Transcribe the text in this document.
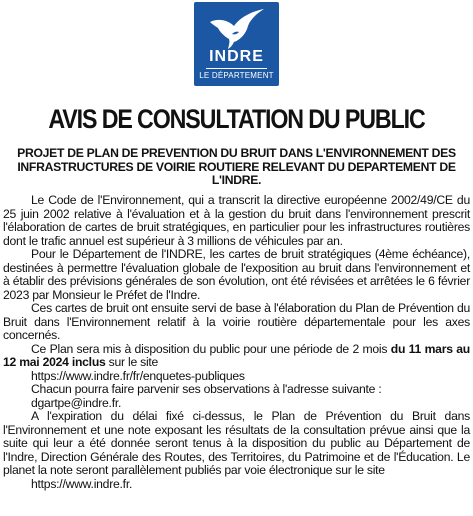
INDRE
LE DÉPARTEMENT
AVIS DE CONSULTATION DU PUBLIC
PROJET DE PLAN DE PREVENTION DU BRUIT DANS L'ENVIRONNEMENT DES INFRASTRUCTURES DE VOIRIE ROUTIERE RELEVANT DU DEPARTEMENT DE L'INDRE.

Le Code de l'Environnement, qui a transcrit la directive européenne 2002/49/CE du 25 juin 2002 relative à l'évaluation et à la gestion du bruit dans l'environnement prescrit l'élaboration de cartes de bruit stratégiques, en particulier pour les infrastructures routières dont le trafic annuel est supérieur à 3 millions de véhicules par an.

Pour le Département de l'INDRE, les cartes de bruit stratégiques (4ème échéance), destinées à permettre l'évaluation globale de l'exposition au bruit dans l'environnement et à établir des prévisions générales de son évolution, ont été révisées et arrêtées le 6 février 2023 par Monsieur le Préfet de l'Indre.

Ces cartes de bruit ont ensuite servi de base à l'élaboration du Plan de Prévention du Bruit dans l'Environnement relatif à la voirie routière départementale pour les axes concernés.

Ce Plan sera mis à disposition du public pour une période de 2 mois du 11 mars au 12 mai 2024 inclus sur le site

https://www.indre.fr/fr/enquetes-publiques

Chacun pourra faire parvenir ses observations à l'adresse suivante :

dgartpe@indre.fr.

A l'expiration du délai fixé ci-dessus, le Plan de Prévention du Bruit dans l'Environnement et une note exposant les résultats de la consultation prévue ainsi que la suite qui leur a été donnée seront tenus à la disposition du public au Département de l'Indre, Direction Générale des Routes, des Territoires, du Patrimoine et de l'Éducation. Le planet la note seront parallèlement publiés par voie électronique sur le site

https://www.indre.fr.
